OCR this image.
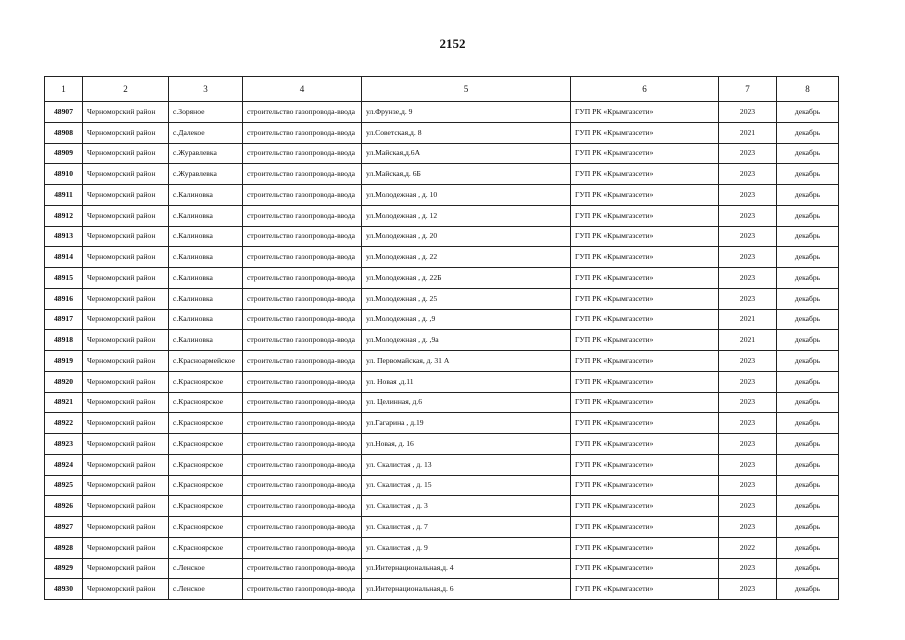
2152
1	2	3	4	5	6	7	8
48907	Черноморский район	с.Зоряное	строительство газопровода-ввода	ул.Фрунзе,д. 9	ГУП РК «Крымгазсети»	2023	декабрь
48908	Черноморский район	с.Далекое	строительство газопровода-ввода	ул.Советская,д. 8	ГУП РК «Крымгазсети»	2021	декабрь
48909	Черноморский район	с.Журавлевка	строительство газопровода-ввода	ул.Майская,д.6А	ГУП РК «Крымгазсети»	2023	декабрь
48910	Черноморский район	с.Журавлевка	строительство газопровода-ввода	ул.Майская,д. 6Б	ГУП РК «Крымгазсети»	2023	декабрь
48911	Черноморский район	с.Калиновка	строительство газопровода-ввода	ул.Молодежная , д. 10	ГУП РК «Крымгазсети»	2023	декабрь
48912	Черноморский район	с.Калиновка	строительство газопровода-ввода	ул.Молодежная , д. 12	ГУП РК «Крымгазсети»	2023	декабрь
48913	Черноморский район	с.Калиновка	строительство газопровода-ввода	ул.Молодежная , д. 20	ГУП РК «Крымгазсети»	2023	декабрь
48914	Черноморский район	с.Калиновка	строительство газопровода-ввода	ул.Молодежная , д. 22	ГУП РК «Крымгазсети»	2023	декабрь
48915	Черноморский район	с.Калиновка	строительство газопровода-ввода	ул.Молодежная , д. 22Б	ГУП РК «Крымгазсети»	2023	декабрь
48916	Черноморский район	с.Калиновка	строительство газопровода-ввода	ул.Молодежная , д. 25	ГУП РК «Крымгазсети»	2023	декабрь
48917	Черноморский район	с.Калиновка	строительство газопровода-ввода	ул.Молодежная , д. ,9	ГУП РК «Крымгазсети»	2021	декабрь
48918	Черноморский район	с.Калиновка	строительство газопровода-ввода	ул.Молодежная , д. ,9а	ГУП РК «Крымгазсети»	2021	декабрь
48919	Черноморский район	с.Красноармейское	строительство газопровода-ввода	ул. Первомайская, д. 31 А	ГУП РК «Крымгазсети»	2023	декабрь
48920	Черноморский район	с.Краснoярское	строительство газопровода-ввода	ул. Новая ,д.11	ГУП РК «Крымгазсети»	2023	декабрь
48921	Черноморский район	с.Краснoярское	строительство газопровода-ввода	ул. Целинная, д.6	ГУП РК «Крымгазсети»	2023	декабрь
48922	Черноморский район	с.Краснoярское	строительство газопровода-ввода	ул.Гагарина , д.19	ГУП РК «Крымгазсети»	2023	декабрь
48923	Черноморский район	с.Краснoярское	строительство газопровода-ввода	ул.Новая, д. 16	ГУП РК «Крымгазсети»	2023	декабрь
48924	Черноморский район	с.Краснoярское	строительство газопровода-ввода	ул. Скалистая , д. 13	ГУП РК «Крымгазсети»	2023	декабрь
48925	Черноморский район	с.Краснoярское	строительство газопровода-ввода	ул. Скалистая , д. 15	ГУП РК «Крымгазсети»	2023	декабрь
48926	Черноморский район	с.Краснoярское	строительство газопровода-ввода	ул. Скалистая , д. 3	ГУП РК «Крымгазсети»	2023	декабрь
48927	Черноморский район	с.Краснoярское	строительство газопровода-ввода	ул. Скалистая , д. 7	ГУП РК «Крымгазсети»	2023	декабрь
48928	Черноморский район	с.Краснoярское	строительство газопровода-ввода	ул. Скалистая , д. 9	ГУП РК «Крымгазсети»	2022	декабрь
48929	Черноморский район	с.Ленское	строительство газопровода-ввода	ул.Интернациональная,д. 4	ГУП РК «Крымгазсети»	2023	декабрь
48930	Черноморский район	с.Ленское	строительство газопровода-ввода	ул.Интернациональная,д. 6	ГУП РК «Крымгазсети»	2023	декабрь
